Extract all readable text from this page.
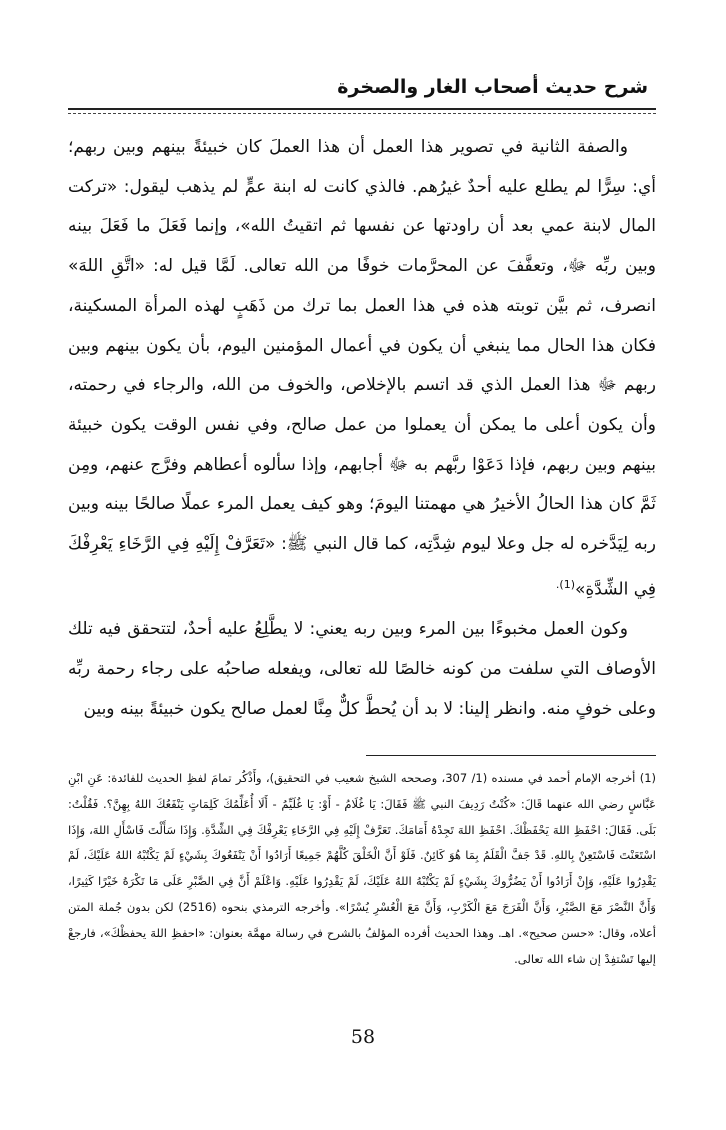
شرح حديث أصحاب الغار والصخرة

والصفة الثانية في تصوير هذا العمل أن هذا العملَ كان خبيئةً بينهم وبين ربهم؛ أي: سِرًّا لم يطلع عليه أحدٌ غيرُهم. فالذي كانت له ابنة عمٍّ لم يذهب ليقول: «تركت المال لابنة عمي بعد أن راودتها عن نفسها ثم اتقيتُ الله»، وإنما فَعَلَ ما فَعَلَ بينه وبين ربِّه ﷻ، وتعفَّفَ عن المحرَّمات خوفًا من الله تعالى. لَمَّا قيل له: «اتَّقِ اللهَ» انصرف، ثم بيَّن توبته هذه في هذا العمل بما ترك من ذَهَبٍ لهذه المرأة المسكينة، فكان هذا الحال مما ينبغي أن يكون في أعمال المؤمنين اليوم، بأن يكون بينهم وبين ربهم ﷻ هذا العمل الذي قد اتسم بالإخلاص، والخوف من الله، والرجاء في رحمته، وأن يكون أعلى ما يمكن أن يعملوا من عمل صالح، وفي نفس الوقت يكون خبيئة بينهم وبين ربهم، فإذا دَعَوْا ربَّهم به ﷻ أجابهم، وإذا سألوه أعطاهم وفرَّج عنهم، ومِن ثَمَّ كان هذا الحالُ الأخيرُ هي مهمتنا اليومَ؛ وهو كيف يعمل المرء عملًا صالحًا بينه وبين ربه لِيَدَّخره له جل وعلا ليوم شِدَّتِه، كما قال النبي ﷺ: «تَعَرَّفْ إِلَيْهِ فِي الرَّخَاءِ يَعْرِفْكَ فِي الشِّدَّةِ»$^{(1).}$

وكون العمل مخبوءًا بين المرء وبين ربه يعني: لا يطَّلِعُ عليه أحدٌ، لتتحقق فيه تلك الأوصاف التي سلفت من كونه خالصًا لله تعالى، ويفعله صاحبُه على رجاء رحمة ربِّه وعلى خوفٍ منه. وانظر إلينا: لا بد أن يُحطَّ كلٌّ مِنَّا لعمل صالح يكون خبيئةً بينه وبين

(1) أخرجه الإمام أحمد في مسنده (1/ 307، وصححه الشيخ شعيب في التحقيق)، وأَذْكُر تمامَ لفظِ الحديث للفائدة: عَنِ ابْنِ عَبَّاسٍ رضي الله عنهما قَالَ: «كُنْتُ رَدِيفَ النبي ﷺ فَقَالَ: يَا غُلَامُ - أَوْ: يَا غُلَيِّمُ - أَلَا أُعَلِّمُكَ كَلِمَاتٍ يَنْفَعُكَ اللهُ بِهِنَّ؟. فَقُلْتُ: بَلَى. فَقَالَ: احْفَظِ اللهَ يَحْفَظْكَ. احْفَظِ اللهَ تَجِدْهُ أَمَامَكَ. تَعَرَّفْ إِلَيْهِ فِي الرَّخَاءِ يَعْرِفْكَ فِي الشِّدَّةِ. وَإِذَا سَأَلْتَ فَاسْأَلِ اللهَ، وَإِذَا اسْتَعَنْتَ فَاسْتَعِنْ بِاللهِ. قَدْ جَفَّ الْقَلَمُ بِمَا هُوَ كَائِنٌ. فَلَوْ أَنَّ الْخَلْقَ كُلَّهُمْ جَمِيعًا أَرَادُوا أَنْ يَنْفَعُوكَ بِشَيْءٍ لَمْ يَكْتُبْهُ اللهُ عَلَيْكَ، لَمْ يَقْدِرُوا عَلَيْهِ، وَإِنْ أَرَادُوا أَنْ يَضُرُّوكَ بِشَيْءٍ لَمْ يَكْتُبْهُ اللهُ عَلَيْكَ، لَمْ يَقْدِرُوا عَلَيْهِ. وَاعْلَمْ أَنَّ فِي الصَّبْرِ عَلَى مَا تَكْرَهُ خَيْرًا كَثِيرًا، وَأَنَّ النَّصْرَ مَعَ الصَّبْرِ، وَأَنَّ الْفَرَجَ مَعَ الْكَرْبِ، وَأَنَّ مَعَ الْعُسْرِ يُسْرًا». وأخرجه الترمذي بنحوه (2516) لكن بدون جُملة المتن أعلاه، وقال: «حسن صحيح». اهـ. وهذا الحديث أفرده المؤلفُ بالشرح في رسالة مهمَّة بعنوان: «احفظِ اللهَ يحفظْكَ»، فارجعْ إليها تَسْتفِدْ إن شاء الله تعالى.

58
